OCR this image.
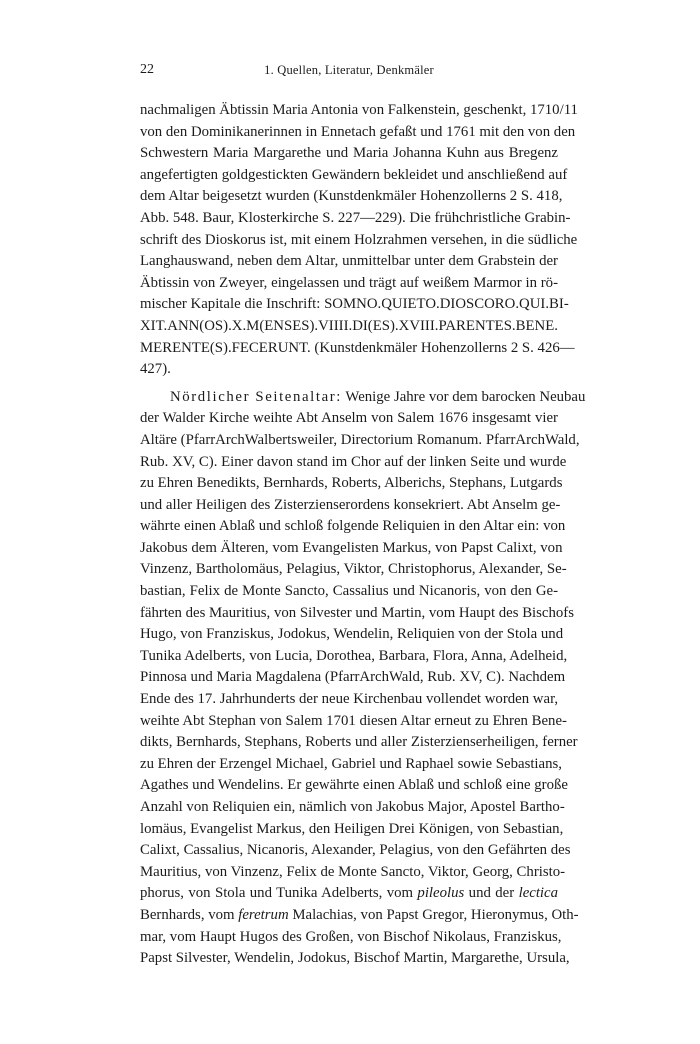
22	1. Quellen, Literatur, Denkmäler

nachmaligen Äbtissin Maria Antonia von Falkenstein, geschenkt, 1710/11
von den Dominikanerinnen in Ennetach gefaßt und 1761 mit den von den
Schwestern Maria Margarethe und Maria Johanna Kuhn aus Bregenz
angefertigten goldgestickten Gewändern bekleidet und anschließend auf
dem Altar beigesetzt wurden (Kunstdenkmäler Hohenzollerns 2 S. 418,
Abb. 548. Baur, Klosterkirche S. 227—229). Die frühchristliche Grabin-
schrift des Dioskorus ist, mit einem Holzrahmen versehen, in die südliche
Langhauswand, neben dem Altar, unmittelbar unter dem Grabstein der
Äbtissin von Zweyer, eingelassen und trägt auf weißem Marmor in rö-
mischer Kapitale die Inschrift: SOMNO.QUIETO.DIOSCORO.QUI.BI-
XIT.ANN(OS).X.M(ENSES).VIIII.DI(ES).XVIII.PARENTES.BENE.
MERENTE(S).FECERUNT. (Kunstdenkmäler Hohenzollerns 2 S. 426—
427).

Nördlicher Seitenaltar: Wenige Jahre vor dem barocken Neubau
der Walder Kirche weihte Abt Anselm von Salem 1676 insgesamt vier
Altäre (PfarrArchWalbertsweiler, Directorium Romanum. PfarrArchWald,
Rub. XV, C). Einer davon stand im Chor auf der linken Seite und wurde
zu Ehren Benedikts, Bernhards, Roberts, Alberichs, Stephans, Lutgards
und aller Heiligen des Zisterzienserordens konsekriert. Abt Anselm ge-
währte einen Ablaß und schloß folgende Reliquien in den Altar ein: von
Jakobus dem Älteren, vom Evangelisten Markus, von Papst Calixt, von
Vinzenz, Bartholomäus, Pelagius, Viktor, Christophorus, Alexander, Se-
bastian, Felix de Monte Sancto, Cassalius und Nicanoris, von den Ge-
fährten des Mauritius, von Silvester und Martin, vom Haupt des Bischofs
Hugo, von Franziskus, Jodokus, Wendelin, Reliquien von der Stola und
Tunika Adelberts, von Lucia, Dorothea, Barbara, Flora, Anna, Adelheid,
Pinnosa und Maria Magdalena (PfarrArchWald, Rub. XV, C). Nachdem
Ende des 17. Jahrhunderts der neue Kirchenbau vollendet worden war,
weihte Abt Stephan von Salem 1701 diesen Altar erneut zu Ehren Bene-
dikts, Bernhards, Stephans, Roberts und aller Zisterzienserheiligen, ferner
zu Ehren der Erzengel Michael, Gabriel und Raphael sowie Sebastians,
Agathes und Wendelins. Er gewährte einen Ablaß und schloß eine große
Anzahl von Reliquien ein, nämlich von Jakobus Major, Apostel Bartho-
lomäus, Evangelist Markus, den Heiligen Drei Königen, von Sebastian,
Calixt, Cassalius, Nicanoris, Alexander, Pelagius, von den Gefährten des
Mauritius, von Vinzenz, Felix de Monte Sancto, Viktor, Georg, Christo-
phorus, von Stola und Tunika Adelberts, vom pileolus und der lectica
Bernhards, vom feretrum Malachias, von Papst Gregor, Hieronymus, Oth-
mar, vom Haupt Hugos des Großen, von Bischof Nikolaus, Franziskus,
Papst Silvester, Wendelin, Jodokus, Bischof Martin, Margarethe, Ursula,
